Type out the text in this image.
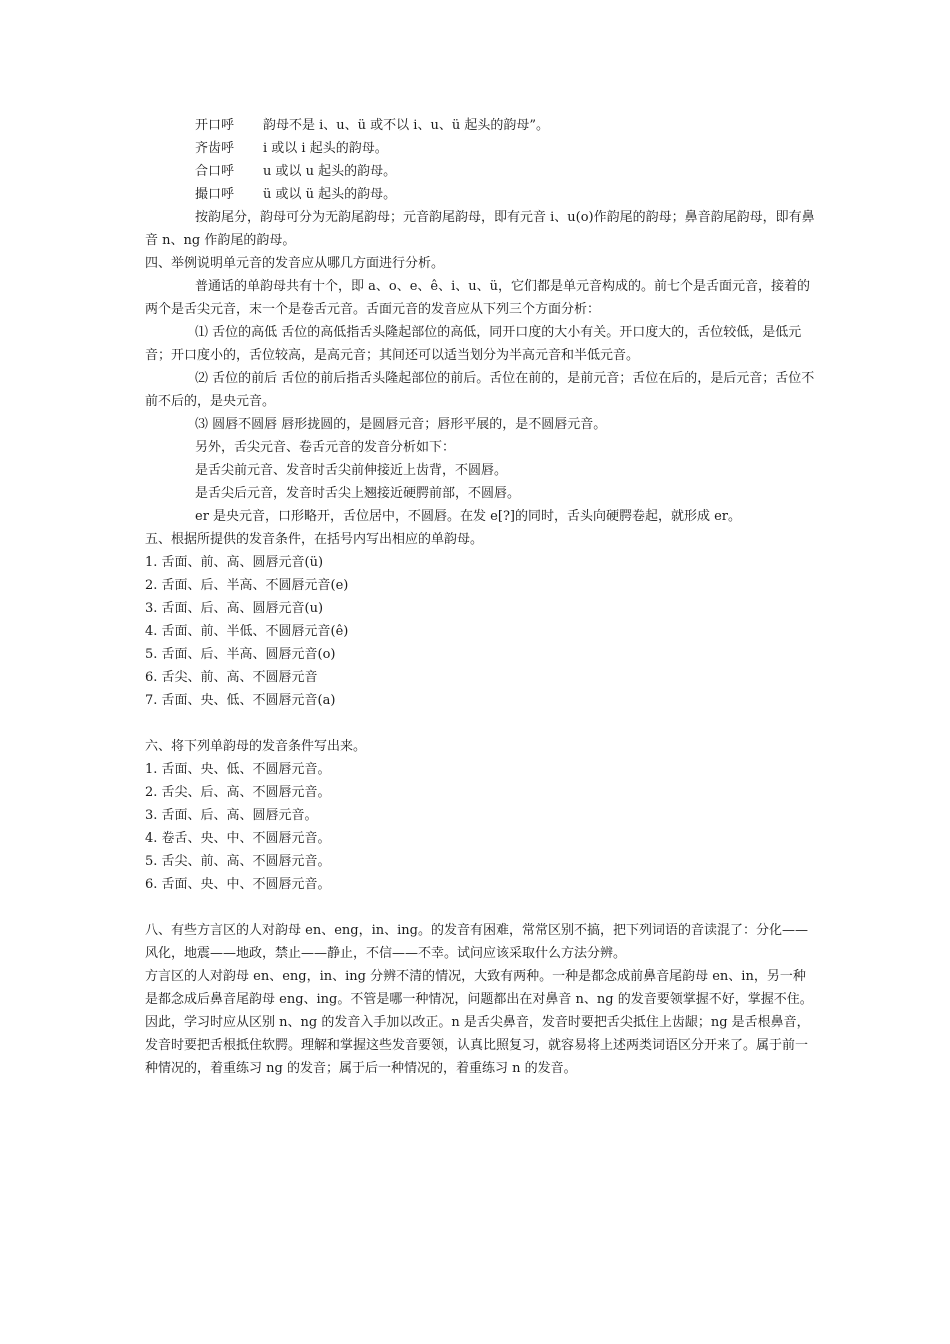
开口呼 韵母不是 i、u、ü 或不以 i、u、ü 起头的韵母”。

齐齿呼 i 或以 i 起头的韵母。

合口呼 u 或以 u 起头的韵母。

撮口呼 ü 或以 ü 起头的韵母。

按韵尾分，韵母可分为无韵尾韵母；元音韵尾韵母，即有元音 i、u(o)作韵尾的韵母；鼻音韵尾韵母，即有鼻音 n、ng 作韵尾的韵母。

四、举例说明单元音的发音应从哪几方面进行分析。

普通话的单韵母共有十个，即 a、o、e、ê、i、u、ü，它们都是单元音构成的。前七个是舌面元音，接着的两个是舌尖元音，末一个是卷舌元音。舌面元音的发音应从下列三个方面分析：

⑴ 舌位的高低 舌位的高低指舌头隆起部位的高低，同开口度的大小有关。开口度大的，舌位较低，是低元音；开口度小的，舌位较高，是高元音；其间还可以适当划分为半高元音和半低元音。

⑵ 舌位的前后 舌位的前后指舌头隆起部位的前后。舌位在前的，是前元音；舌位在后的，是后元音；舌位不前不后的，是央元音。

⑶ 圆唇不圆唇 唇形拢圆的，是圆唇元音；唇形平展的，是不圆唇元音。

另外，舌尖元音、卷舌元音的发音分析如下：

是舌尖前元音、发音时舌尖前伸接近上齿背，不圆唇。

是舌尖后元音，发音时舌尖上翘接近硬腭前部，不圆唇。

er 是央元音，口形略开，舌位居中，不圆唇。在发 e[?]的同时，舌头向硬腭卷起，就形成 er。

五、根据所提供的发音条件，在括号内写出相应的单韵母。

1. 舌面、前、高、圆唇元音(ü)
2. 舌面、后、半高、不圆唇元音(e)
3. 舌面、后、高、圆唇元音(u)
4. 舌面、前、半低、不圆唇元音(ê)
5. 舌面、后、半高、圆唇元音(o)
6. 舌尖、前、高、不圆唇元音
7. 舌面、央、低、不圆唇元音(a)

六、将下列单韵母的发音条件写出来。

1. 舌面、央、低、不圆唇元音。
2. 舌尖、后、高、不圆唇元音。
3. 舌面、后、高、圆唇元音。
4. 卷舌、央、中、不圆唇元音。
5. 舌尖、前、高、不圆唇元音。
6. 舌面、央、中、不圆唇元音。

八、有些方言区的人对韵母 en、eng，in、ing。的发音有困难，常常区别不搞，把下列词语的音读混了：分化——风化，地震——地政，禁止——静止，不信——不幸。试问应该采取什么方法分辨。

方言区的人对韵母 en、eng，in、ing 分辨不清的情况，大致有两种。一种是都念成前鼻音尾韵母 en、in，另一种是都念成后鼻音尾韵母 eng、ing。不管是哪一种情况，问题都出在对鼻音 n、ng 的发音要领掌握不好，掌握不住。因此，学习时应从区别 n、ng 的发音入手加以改正。n 是舌尖鼻音，发音时要把舌尖抵住上齿龈；ng 是舌根鼻音，发音时要把舌根抵住软腭。理解和掌握这些发音要领，认真比照复习，就容易将上述两类词语区分开来了。属于前一种情况的，着重练习 ng 的发音；属于后一种情况的，着重练习 n 的发音。
